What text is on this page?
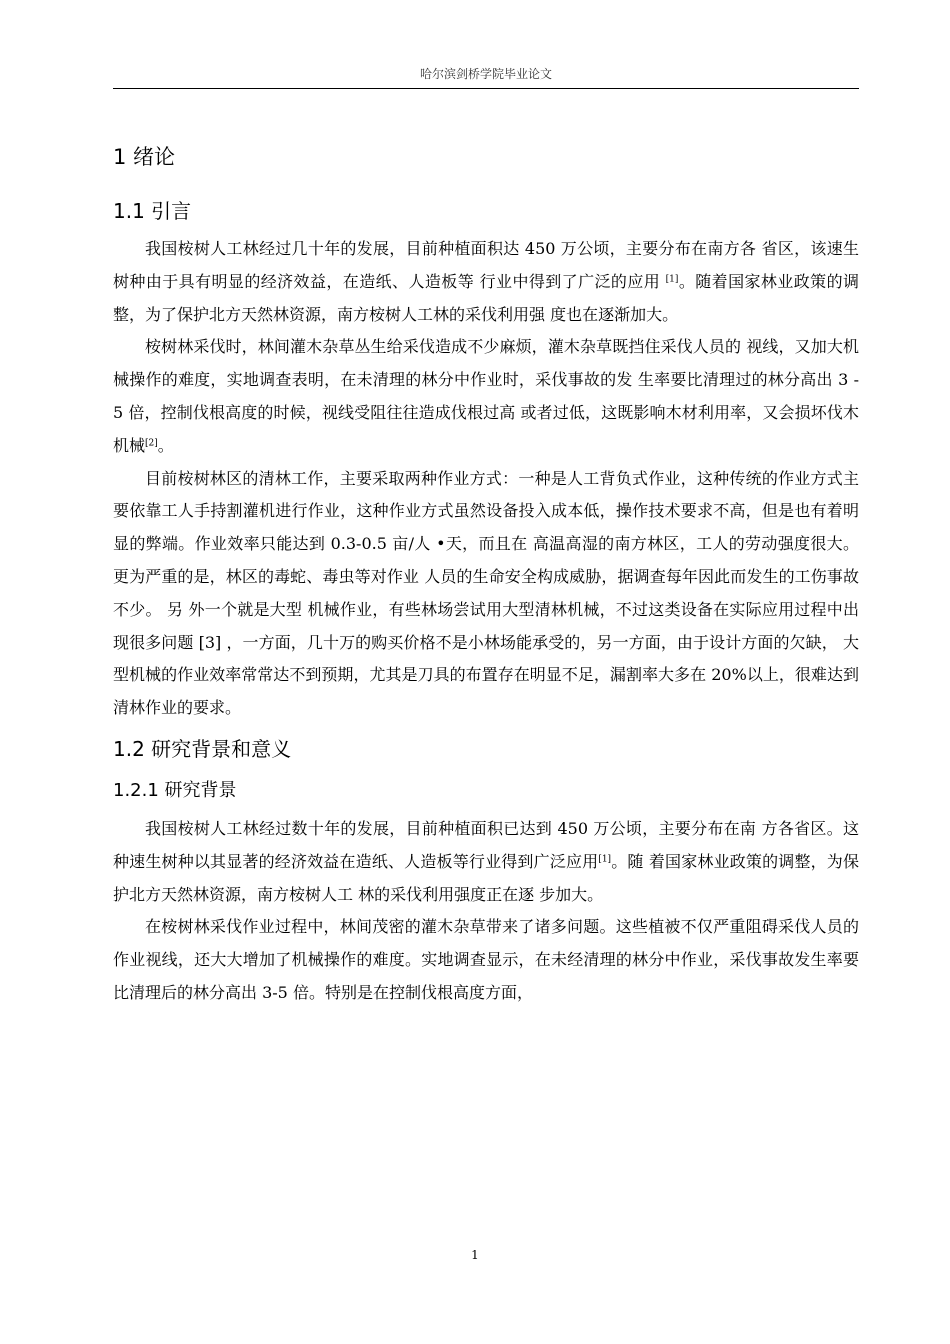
哈尔滨剑桥学院毕业论文
1 绪论
1.1 引言

我国桉树人工林经过几十年的发展，目前种植面积达 450 万公顷，主要分布在南方各 省区，该速生树种由于具有明显的经济效益，在造纸、人造板等 行业中得到了广泛的应用 [1]。随着国家林业政策的调整，为了保护北方天然林资源，南方桉树人工林的采伐利用强 度也在逐渐加大。

桉树林采伐时，林间灌木杂草丛生给采伐造成不少麻烦，灌木杂草既挡住采伐人员的 视线，又加大机械操作的难度，实地调查表明，在未清理的林分中作业时，采伐事故的发 生率要比清理过的林分高出 3 - 5 倍，控制伐根高度的时候，视线受阻往往造成伐根过高 或者过低，这既影响木材利用率，又会损坏伐木机械[2]。

目前桉树林区的清林工作，主要采取两种作业方式：一种是人工背负式作业，这种传统的作业方式主要依靠工人手持割灌机进行作业，这种作业方式虽然设备投入成本低，操作技术要求不高，但是也有着明显的弊端。作业效率只能达到 0.3-0.5 亩/人 •天，而且在 高温高湿的南方林区，工人的劳动强度很大。更为严重的是，林区的毒蛇、毒虫等对作业 人员的生命安全构成威胁，据调查每年因此而发生的工伤事故不少。 另 外一个就是大型 机械作业，有些林场尝试用大型清林机械，不过这类设备在实际应用过程中出现很多问题 [3] ，一方面，几十万的购买价格不是小林场能承受的，另一方面，由于设计方面的欠缺， 大型机械的作业效率常常达不到预期，尤其是刀具的布置存在明显不足，漏割率大多在 20%以上，很难达到清林作业的要求。

1.2 研究背景和意义
1.2.1 研究背景

我国桉树人工林经过数十年的发展，目前种植面积已达到 450 万公顷，主要分布在南 方各省区。这种速生树种以其显著的经济效益在造纸、人造板等行业得到广泛应用[1]。随 着国家林业政策的调整，为保护北方天然林资源，南方桉树人工 林的采伐利用强度正在逐 步加大。

在桉树林采伐作业过程中，林间茂密的灌木杂草带来了诸多问题。这些植被不仅严重阻碍采伐人员的作业视线，还大大增加了机械操作的难度。实地调查显示，在未经清理的林分中作业，采伐事故发生率要比清理后的林分高出 3-5 倍。特别是在控制伐根高度方面，

1
